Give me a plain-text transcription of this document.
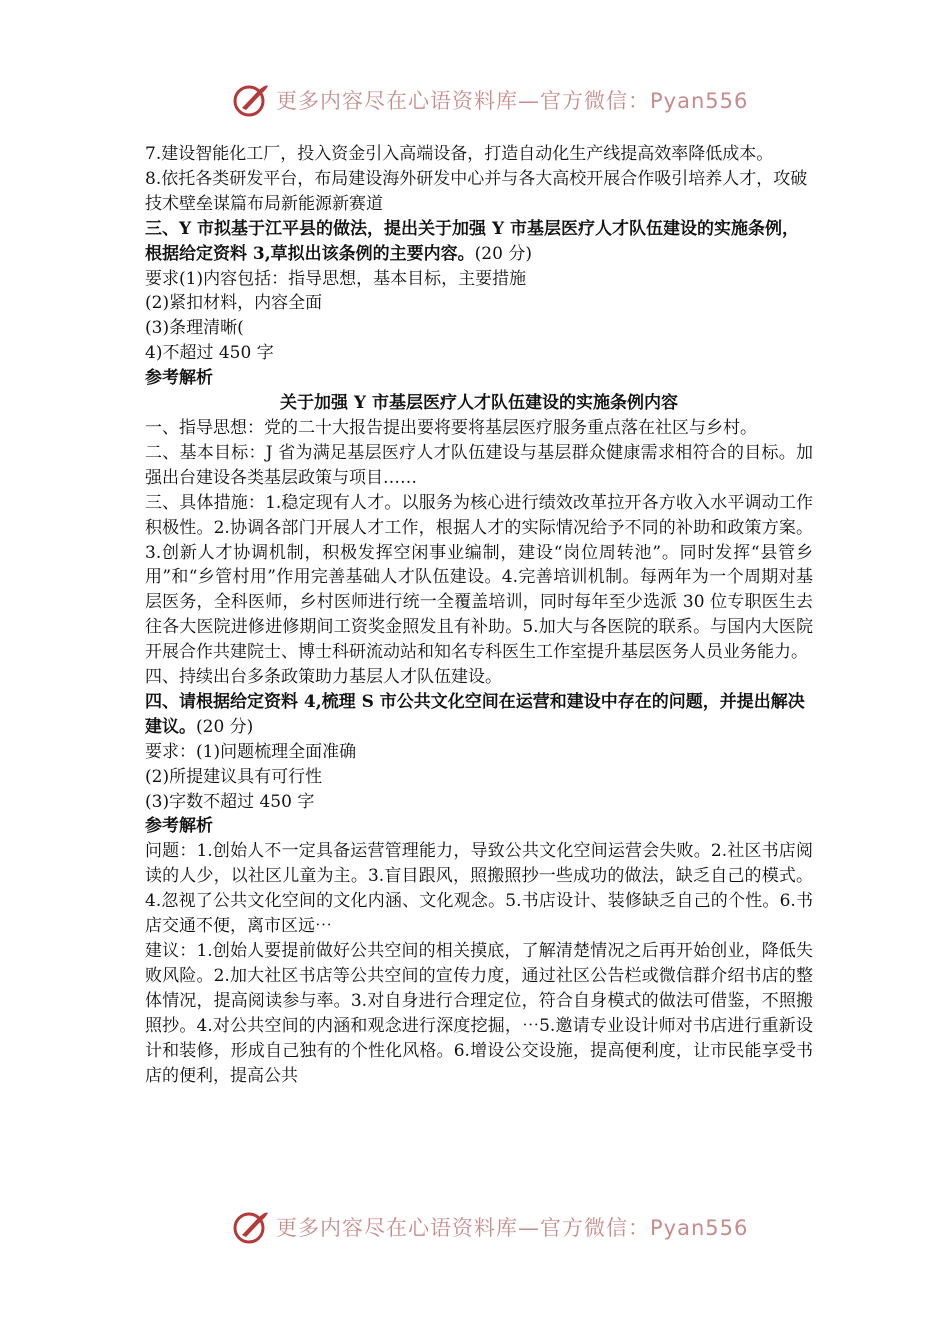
更多内容尽在心语资料库—官方微信：Pyan556

7.建设智能化工厂，投入资金引入高端设备，打造自动化生产线提高效率降低成本。

8.依托各类研发平台，布局建设海外研发中心并与各大高校开展合作吸引培养人才，攻破技术壁垒谋篇布局新能源新赛道

三、Y 市拟基于江平县的做法，提出关于加强 Y 市基层医疗人才队伍建设的实施条例，根据给定资料 3,草拟出该条例的主要内容。(20 分)

要求(1)内容包括：指导思想，基本目标，主要措施

(2)紧扣材料，内容全面

(3)条理清晰(

4)不超过 450 字

参考解析

关于加强 Y 市基层医疗人才队伍建设的实施条例内容

一、指导思想：党的二十大报告提出要将要将基层医疗服务重点落在社区与乡村。

二、基本目标：J 省为满足基层医疗人才队伍建设与基层群众健康需求相符合的目标。加强出台建设各类基层政策与项目……

三、具体措施：1.稳定现有人才。以服务为核心进行绩效改革拉开各方收入水平调动工作积极性。2.协调各部门开展人才工作，根据人才的实际情况给予不同的补助和政策方案。3.创新人才协调机制，积极发挥空闲事业编制，建设“岗位周转池”。同时发挥“县管乡用”和“乡管村用”作用完善基础人才队伍建设。4.完善培训机制。每两年为一个周期对基层医务，全科医师，乡村医师进行统一全覆盖培训，同时每年至少选派 30 位专职医生去往各大医院进修进修期间工资奖金照发且有补助。5.加大与各医院的联系。与国内大医院开展合作共建院士、博士科研流动站和知名专科医生工作室提升基层医务人员业务能力。

四、持续出台多条政策助力基层人才队伍建设。

四、请根据给定资料 4,梳理 S 市公共文化空间在运营和建设中存在的问题，并提出解决建议。(20 分)

要求：(1)问题梳理全面准确

(2)所提建议具有可行性

(3)字数不超过 450 字

参考解析

问题：1.创始人不一定具备运营管理能力，导致公共文化空间运营会失败。2.社区书店阅读的人少，以社区儿童为主。3.盲目跟风，照搬照抄一些成功的做法，缺乏自己的模式。4.忽视了公共文化空间的文化内涵、文化观念。5.书店设计、装修缺乏自己的个性。6.书店交通不便，离市区远⋯

建议：1.创始人要提前做好公共空间的相关摸底，了解清楚情况之后再开始创业，降低失败风险。2.加大社区书店等公共空间的宣传力度，通过社区公告栏或微信群介绍书店的整体情况，提高阅读参与率。3.对自身进行合理定位，符合自身模式的做法可借鉴，不照搬照抄。4.对公共空间的内涵和观念进行深度挖掘，⋯5.邀请专业设计师对书店进行重新设计和装修，形成自己独有的个性化风格。6.增设公交设施，提高便利度，让市民能享受书店的便利，提高公共

更多内容尽在心语资料库—官方微信：Pyan556
